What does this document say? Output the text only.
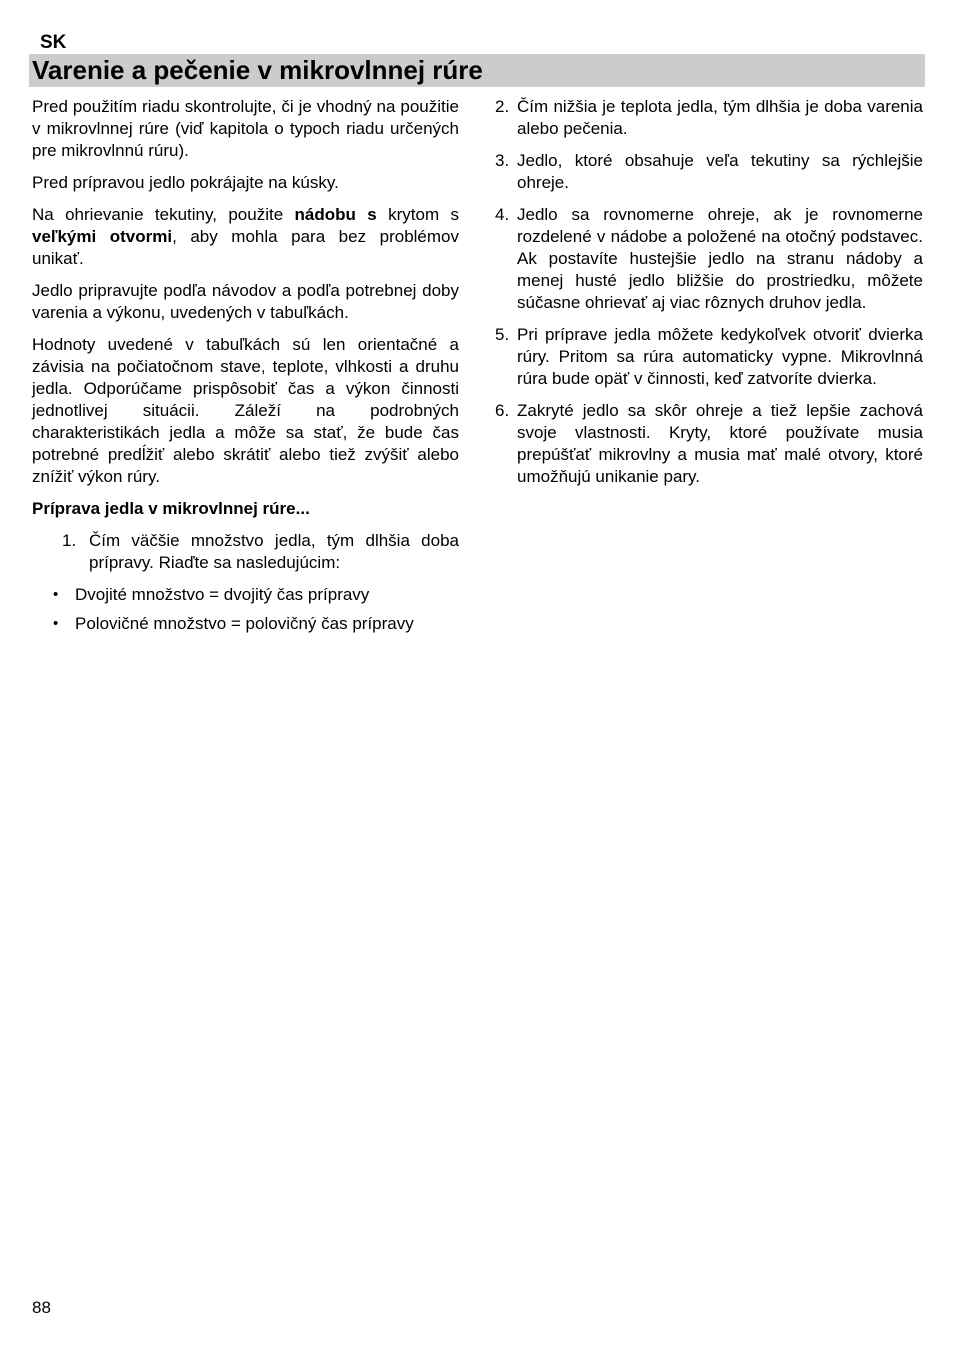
SK
Varenie a pečenie v mikrovlnnej rúre

Pred použitím riadu skontrolujte, či je vhodný na použitie v mikrovlnnej rúre (viď kapitola o typoch riadu určených pre mikrovlnnú rúru).

Pred prípravou jedlo pokrájajte na kúsky.

Na ohrievanie tekutiny, použite nádobu s krytom s veľkými otvormi, aby mohla para bez problémov unikať.

Jedlo pripravujte podľa návodov a podľa potrebnej doby varenia a výkonu, uvedených v tabuľkách.

Hodnoty uvedené v tabuľkách sú len orientačné a závisia na počiatočnom stave, teplote, vlhkosti a druhu jedla. Odporúčame prispôsobiť čas a výkon činnosti jednotlivej situácii. Záleží na podrobných charakteristikách jedla a môže sa stať, že bude čas potrebné predĺžiť alebo skrátiť alebo tiež zvýšiť alebo znížiť výkon rúry.

Príprava jedla v mikrovlnnej rúre...

1. Čím väčšie množstvo jedla, tým dlhšia doba prípravy. Riaďte sa nasledujúcim:
• Dvojité množstvo = dvojitý čas prípravy
• Polovičné množstvo = polovičný čas prípravy
2. Čím nižšia je teplota jedla, tým dlhšia je doba varenia alebo pečenia.
3. Jedlo, ktoré obsahuje veľa tekutiny sa rýchlejšie ohreje.
4. Jedlo sa rovnomerne ohreje, ak je rovnomerne rozdelené v nádobe a položené na otočný podstavec. Ak postavíte hustejšie jedlo na stranu nádoby a menej husté jedlo bližšie do prostriedku, môžete súčasne ohrievať aj viac rôznych druhov jedla.
5. Pri príprave jedla môžete kedykoľvek otvoriť dvierka rúry. Pritom sa rúra automaticky vypne. Mikrovlnná rúra bude opäť v činnosti, keď zatvoríte dvierka.
6. Zakryté jedlo sa skôr ohreje a tiež lepšie zachová svoje vlastnosti. Kryty, ktoré používate musia prepúšťať mikrovlny a musia mať malé otvory, ktoré umožňujú unikanie pary.
88
